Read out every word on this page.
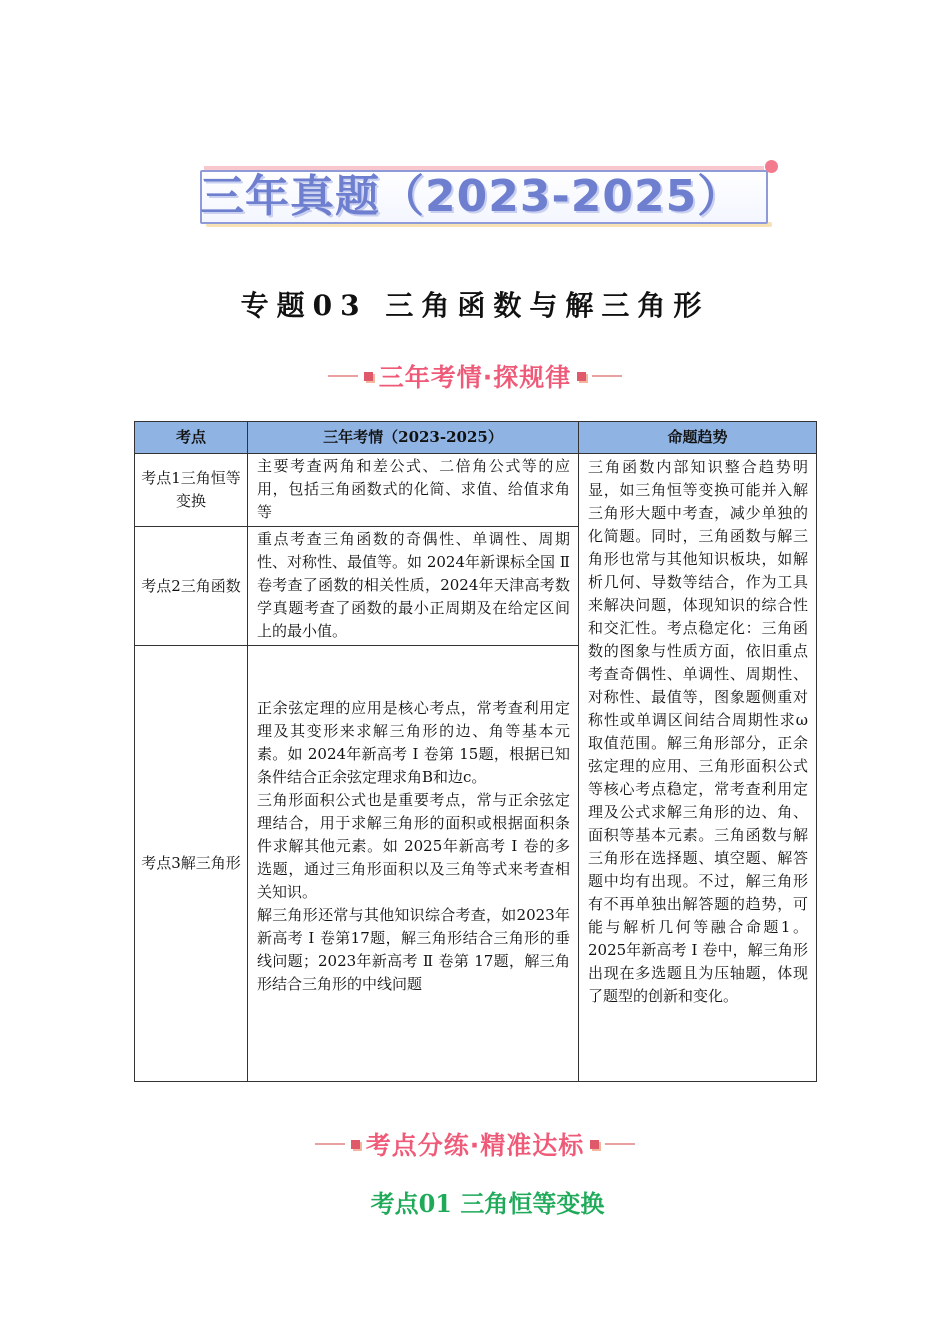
三年真题（2023-2025）
专题03 三角函数与解三角形
三年考情·探规律
考点	三年考情（2023-2025）	命题趋势
考点1三角恒等变换	主要考查两角和差公式、二倍角公式等的应用，包括三角函数式的化简、求值、给值求角等	三角函数内部知识整合趋势明显，如三角恒等变换可能并入解三角形大题中考查，减少单独的化简题。同时，三角函数与解三角形也常与其他知识板块，如解析几何、导数等结合，作为工具来解决问题，体现知识的综合性和交汇性。考点稳定化：三角函数的图象与性质方面，依旧重点考查奇偶性、单调性、周期性、对称性、最值等，图象题侧重对称性或单调区间结合周期性求ω取值范围。解三角形部分，正余弦定理的应用、三角形面积公式等核心考点稳定，常考查利用定理及公式求解三角形的边、角、面积等基本元素。三角函数与解三角形在选择题、填空题、解答题中均有出现。不过，解三角形有不再单独出解答题的趋势，可能与解析几何等融合命题1。2025年新高考 Ⅰ 卷中，解三角形出现在多选题且为压轴题，体现了题型的创新和变化。
考点2三角函数	重点考查三角函数的奇偶性、单调性、周期性、对称性、最值等。如 2024年新课标全国 Ⅱ 卷考查了函数的相关性质，2024年天津高考数学真题考查了函数的最小正周期及在给定区间上的最小值。	

考点3解三角形	正余弦定理的应用是核心考点，常考查利用定理及其变形来求解三角形的边、角等基本元素。如 2024年新高考 Ⅰ 卷第 15题，根据已知条件结合正余弦定理求角B和边c。
三角形面积公式也是重要考点，常与正余弦定理结合，用于求解三角形的面积或根据面积条件求解其他元素。如 2025年新高考 Ⅰ 卷的多选题，通过三角形面积以及三角等式来考查相关知识。
解三角形还常与其他知识综合考查，如2023年新高考 Ⅰ 卷第17题，解三角形结合三角形的垂线问题；2023年新高考 Ⅱ 卷第 17题，解三角形结合三角形的中线问题	
考点分练·精准达标
考点01 三角恒等变换
